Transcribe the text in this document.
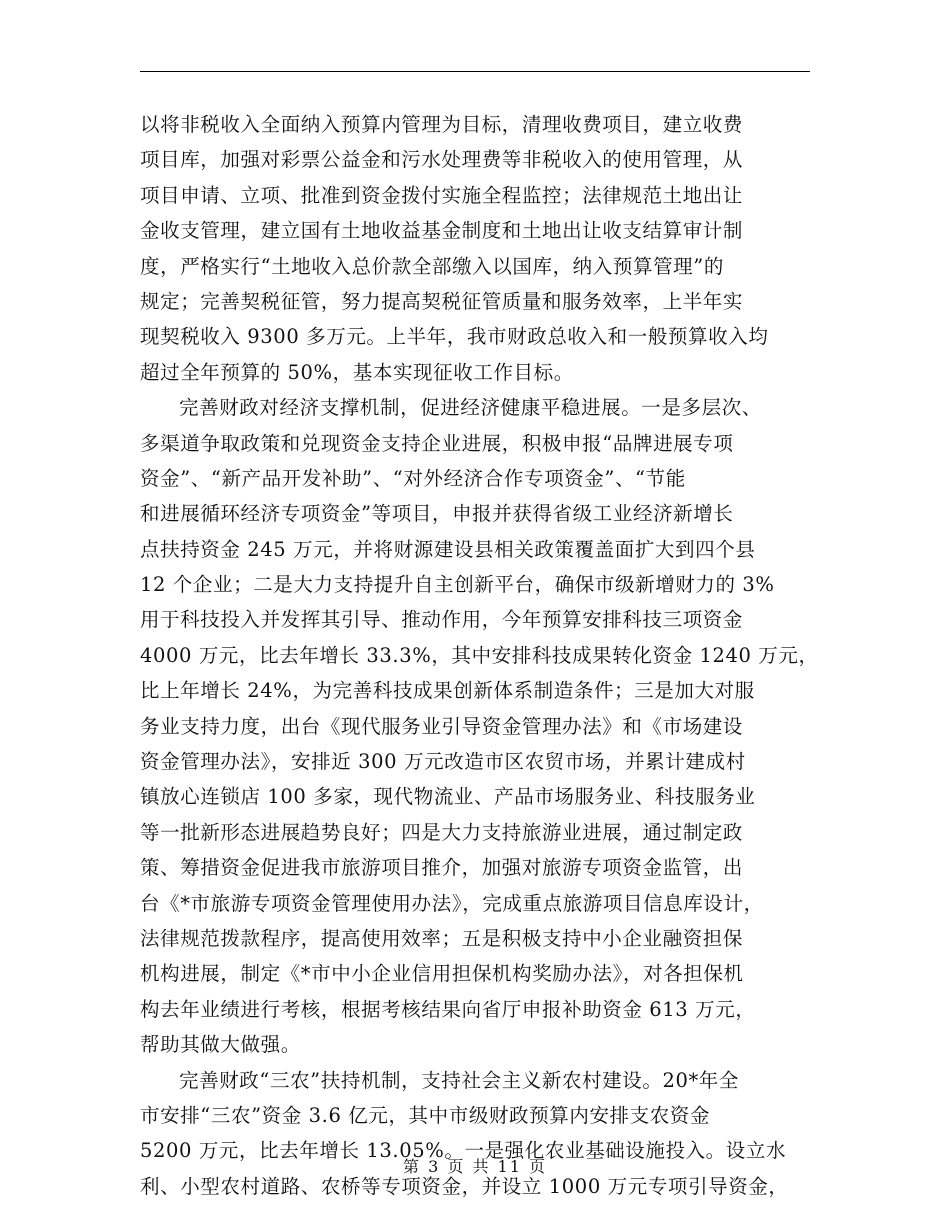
以将非税收入全面纳入预算内管理为目标，清理收费项目，建立收费
项目库，加强对彩票公益金和污水处理费等非税收入的使用管理，从
项目申请、立项、批准到资金拨付实施全程监控；法律规范土地出让
金收支管理，建立国有土地收益基金制度和土地出让收支结算审计制
度，严格实行“土地收入总价款全部缴入以国库，纳入预算管理”的
规定；完善契税征管，努力提高契税征管质量和服务效率，上半年实
现契税收入 9300 多万元。上半年，我市财政总收入和一般预算收入均
超过全年预算的 50%，基本实现征收工作目标。
完善财政对经济支撑机制，促进经济健康平稳进展。一是多层次、
多渠道争取政策和兑现资金支持企业进展，积极申报“品牌进展专项
资金”、“新产品开发补助”、“对外经济合作专项资金”、“节能
和进展循环经济专项资金”等项目，申报并获得省级工业经济新增长
点扶持资金 245 万元，并将财源建设县相关政策覆盖面扩大到四个县
12 个企业；二是大力支持提升自主创新平台，确保市级新增财力的 3%
用于科技投入并发挥其引导、推动作用，今年预算安排科技三项资金
4000 万元，比去年增长 33.3%，其中安排科技成果转化资金 1240 万元，
比上年增长 24%，为完善科技成果创新体系制造条件；三是加大对服
务业支持力度，出台《现代服务业引导资金管理办法》和《市场建设
资金管理办法》，安排近 300 万元改造市区农贸市场，并累计建成村
镇放心连锁店 100 多家，现代物流业、产品市场服务业、科技服务业
等一批新形态进展趋势良好；四是大力支持旅游业进展，通过制定政
策、筹措资金促进我市旅游项目推介，加强对旅游专项资金监管，出
台《*市旅游专项资金管理使用办法》，完成重点旅游项目信息库设计，
法律规范拨款程序，提高使用效率；五是积极支持中小企业融资担保
机构进展，制定《*市中小企业信用担保机构奖励办法》，对各担保机
构去年业绩进行考核，根据考核结果向省厅申报补助资金 613 万元，
帮助其做大做强。
完善财政“三农”扶持机制，支持社会主义新农村建设。20*年全
市安排“三农”资金 3.6 亿元，其中市级财政预算内安排支农资金
5200 万元，比去年增长 13.05%。一是强化农业基础设施投入。设立水
利、小型农村道路、农桥等专项资金，并设立 1000 万元专项引导资金，
第 3 页 共 11 页
